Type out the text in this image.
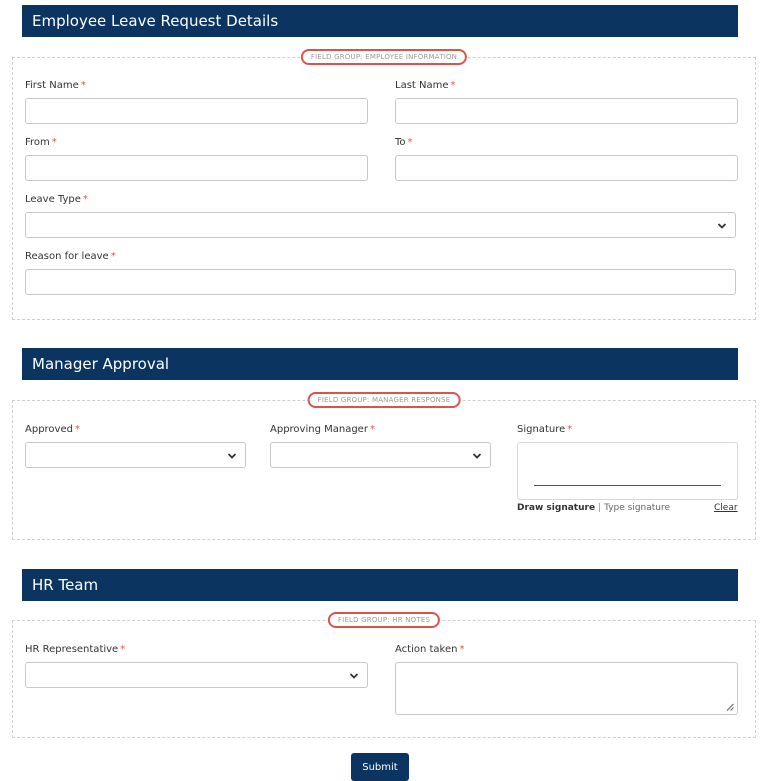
Employee Leave Request Details
FIELD GROUP: EMPLOYEE INFORMATION
First Name *	Last Name *
From *	To *
Leave Type *
Reason for leave *
Manager Approval
FIELD GROUP: MANAGER RESPONSE
Approved *	Approving Manager *	Signature *
Draw signature | Type signature	Clear
HR Team
FIELD GROUP: HR NOTES
HR Representative *	Action taken *
Submit
